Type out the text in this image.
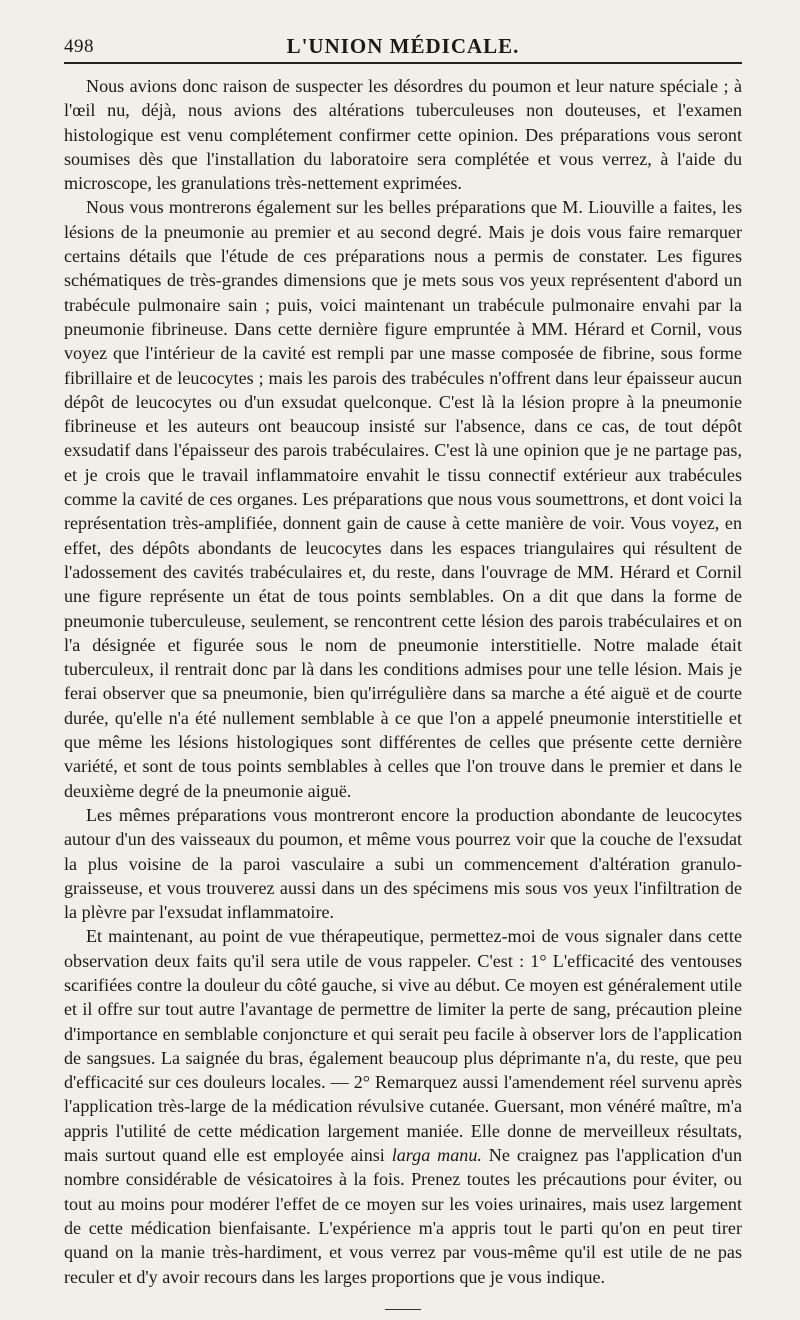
498	L'UNION MÉDICALE.

Nous avions donc raison de suspecter les désordres du poumon et leur nature spéciale ; à l'œil nu, déjà, nous avions des altérations tuberculeuses non douteuses, et l'examen histologique est venu complétement confirmer cette opinion. Des préparations vous seront soumises dès que l'installation du laboratoire sera complétée et vous verrez, à l'aide du microscope, les granulations très-nettement exprimées.

Nous vous montrerons également sur les belles préparations que M. Liouville a faites, les lésions de la pneumonie au premier et au second degré. Mais je dois vous faire remarquer certains détails que l'étude de ces préparations nous a permis de constater. Les figures schématiques de très-grandes dimensions que je mets sous vos yeux représentent d'abord un trabécule pulmonaire sain ; puis, voici maintenant un trabécule pulmonaire envahi par la pneumonie fibrineuse. Dans cette dernière figure empruntée à MM. Hérard et Cornil, vous voyez que l'intérieur de la cavité est rempli par une masse composée de fibrine, sous forme fibrillaire et de leucocytes ; mais les parois des trabécules n'offrent dans leur épaisseur aucun dépôt de leucocytes ou d'un exsudat quelconque. C'est là la lésion propre à la pneumonie fibrineuse et les auteurs ont beaucoup insisté sur l'absence, dans ce cas, de tout dépôt exsudatif dans l'épaisseur des parois trabéculaires. C'est là une opinion que je ne partage pas, et je crois que le travail inflammatoire envahit le tissu connectif extérieur aux trabécules comme la cavité de ces organes. Les préparations que nous vous soumettrons, et dont voici la représentation très-amplifiée, donnent gain de cause à cette manière de voir. Vous voyez, en effet, des dépôts abondants de leucocytes dans les espaces triangulaires qui résultent de l'adossement des cavités trabéculaires et, du reste, dans l'ouvrage de MM. Hérard et Cornil une figure représente un état de tous points semblables. On a dit que dans la forme de pneumonie tuberculeuse, seulement, se rencontrent cette lésion des parois trabéculaires et on l'a désignée et figurée sous le nom de pneumonie interstitielle. Notre malade était tuberculeux, il rentrait donc par là dans les conditions admises pour une telle lésion. Mais je ferai observer que sa pneumonie, bien qu'irrégulière dans sa marche a été aiguë et de courte durée, qu'elle n'a été nullement semblable à ce que l'on a appelé pneumonie interstitielle et que même les lésions histologiques sont différentes de celles que présente cette dernière variété, et sont de tous points semblables à celles que l'on trouve dans le premier et dans le deuxième degré de la pneumonie aiguë.

Les mêmes préparations vous montreront encore la production abondante de leucocytes autour d'un des vaisseaux du poumon, et même vous pourrez voir que la couche de l'exsudat la plus voisine de la paroi vasculaire a subi un commencement d'altération granulo-graisseuse, et vous trouverez aussi dans un des spécimens mis sous vos yeux l'infiltration de la plèvre par l'exsudat inflammatoire.

Et maintenant, au point de vue thérapeutique, permettez-moi de vous signaler dans cette observation deux faits qu'il sera utile de vous rappeler. C'est : 1° L'efficacité des ventouses scarifiées contre la douleur du côté gauche, si vive au début. Ce moyen est généralement utile et il offre sur tout autre l'avantage de permettre de limiter la perte de sang, précaution pleine d'importance en semblable conjoncture et qui serait peu facile à observer lors de l'application de sangsues. La saignée du bras, également beaucoup plus déprimante n'a, du reste, que peu d'efficacité sur ces douleurs locales. — 2° Remarquez aussi l'amendement réel survenu après l'application très-large de la médication révulsive cutanée. Guersant, mon vénéré maître, m'a appris l'utilité de cette médication largement maniée. Elle donne de merveilleux résultats, mais surtout quand elle est employée ainsi larga manu. Ne craignez pas l'application d'un nombre considérable de vésicatoires à la fois. Prenez toutes les précautions pour éviter, ou tout au moins pour modérer l'effet de ce moyen sur les voies urinaires, mais usez largement de cette médication bienfaisante. L'expérience m'a appris tout le parti qu'on en peut tirer quand on la manie très-hardiment, et vous verrez par vous-même qu'il est utile de ne pas reculer et d'y avoir recours dans les larges proportions que je vous indique.
